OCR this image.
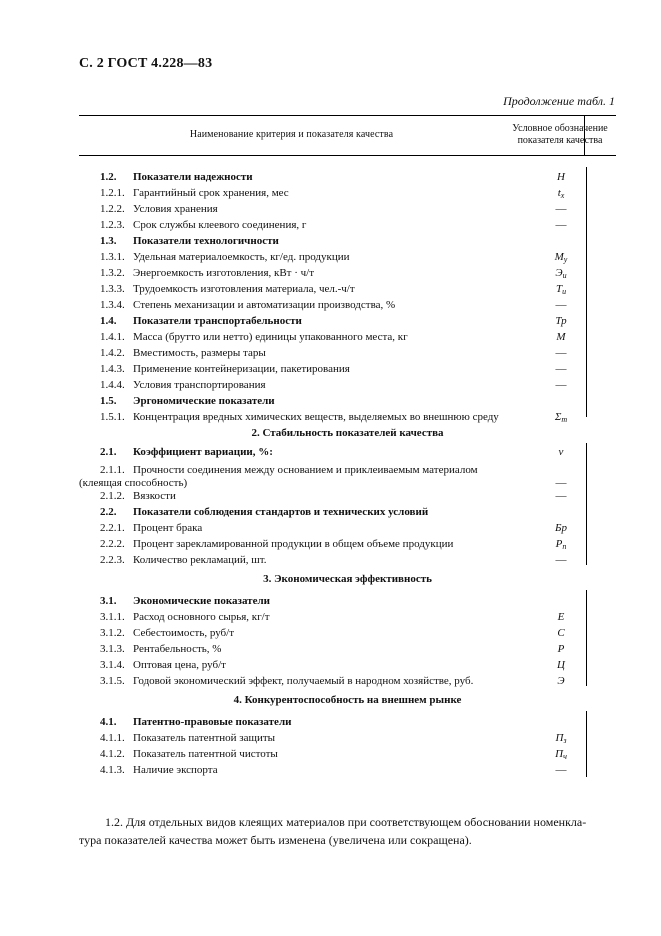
С. 2 ГОСТ 4.228—83
Продолжение табл. 1
Наименование критерия и показателя качества
Условное обозначение
показателя качества
1.2. Показатели надежности	Н
1.2.1. Гарантийный срок хранения, мес	$t_x$
1.2.2. Условия хранения	—
1.2.3. Срок службы клеевого соединения, г	—
1.3. Показатели технологичности
1.3.1. Удельная материалоемкость, кг/ед. продукции	$М_у$
1.3.2. Энергоемкость изготовления, кВт · ч/т	$Э_и$
1.3.3. Трудоемкость изготовления материала, чел.-ч/т	$Т_и$
1.3.4. Степень механизации и автоматизации производства, %	—
1.4. Показатели транспортабельности	Тр
1.4.1. Масса (брутто или нетто) единицы упакованного места, кг	М
1.4.2. Вместимость, размеры тары	—
1.4.3. Применение контейнеризации, пакетирования	—
1.4.4. Условия транспортирования	—
1.5. Эргономические показатели
1.5.1. Концентрация вредных химических веществ, выделяемых во внешнюю среду	$\Sigma_т$
2.1. Коэффициент вариации, %:	v
2.1.1. Прочности соединения между основанием и приклеиваемым материалом
(клеящая способность)	—
2.1.2. Вязкости	—
2.2. Показатели соблюдения стандартов и технических условий
2.2.1. Процент брака	Бр
2.2.2. Процент зарекламированной продукции в общем объеме продукции	$Р_п$
2.2.3. Количество рекламаций, шт.	—
3.1. Экономические показатели
3.1.1. Расход основного сырья, кг/т	Е
3.1.2. Себестоимость, руб/т	С
3.1.3. Рентабельность, %	Р
3.1.4. Оптовая цена, руб/т	Ц
3.1.5. Годовой экономический эффект, получаемый в народном хозяйстве, руб.	Э
4.1. Патентно-правовые показатели
4.1.1. Показатель патентной защиты	$П_з$
4.1.2. Показатель патентной чистоты	$П_ч$
4.1.3. Наличие экспорта	—
2. Стабильность показателей качества
3. Экономическая эффективность
4. Конкурентоспособность на внешнем рынке
1.2. Для отдельных видов клеящих материалов при соответствующем обосновании номенкла-
тура показателей качества может быть изменена (увеличена или сокращена).
